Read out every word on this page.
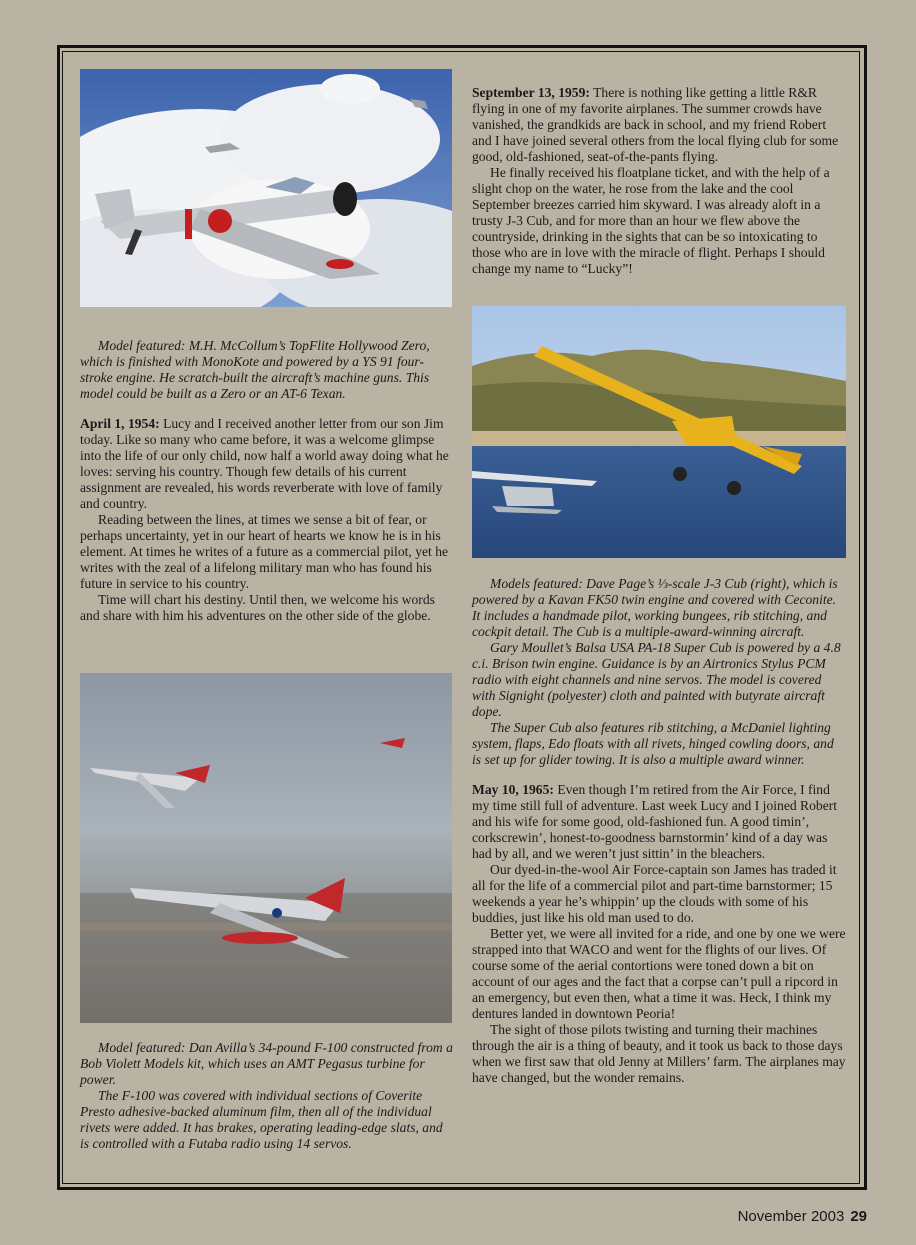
Model featured: M.H. McCollum’s TopFlite Hollywood Zero, which is finished with MonoKote and powered by a YS 91 four-stroke engine. He scratch-built the aircraft’s machine guns. This model could be built as a Zero or an AT-6 Texan.

April 1, 1954: Lucy and I received another letter from our son Jim today. Like so many who came before, it was a welcome glimpse into the life of our only child, now half a world away doing what he loves: serving his country. Though few details of his current assignment are revealed, his words reverberate with love of family and country.

Reading between the lines, at times we sense a bit of fear, or perhaps uncertainty, yet in our heart of hearts we know he is in his element. At times he writes of a future as a commercial pilot, yet he writes with the zeal of a lifelong military man who has found his future in service to his country.

Time will chart his destiny. Until then, we welcome his words and share with him his adventures on the other side of the globe.

Model featured: Dan Avilla’s 34-pound F-100 constructed from a Bob Violett Models kit, which uses an AMT Pegasus turbine for power.

The F-100 was covered with individual sections of Coverite Presto adhesive-backed aluminum film, then all of the individual rivets were added. It has brakes, operating leading-edge slats, and is controlled with a Futaba radio using 14 servos.

September 13, 1959: There is nothing like getting a little R&R flying in one of my favorite airplanes. The summer crowds have vanished, the grandkids are back in school, and my friend Robert and I have joined several others from the local flying club for some good, old-fashioned, seat-of-the-pants flying.

He finally received his floatplane ticket, and with the help of a slight chop on the water, he rose from the lake and the cool September breezes carried him skyward. I was already aloft in a trusty J-3 Cub, and for more than an hour we flew above the countryside, drinking in the sights that can be so intoxicating to those who are in love with the miracle of flight. Perhaps I should change my name to “Lucky”!

Models featured: Dave Page’s ⅓-scale J-3 Cub (right), which is powered by a Kavan FK50 twin engine and covered with Ceconite. It includes a handmade pilot, working bungees, rib stitching, and cockpit detail. The Cub is a multiple-award-winning aircraft.

Gary Moullet’s Balsa USA PA-18 Super Cub is powered by a 4.8 c.i. Brison twin engine. Guidance is by an Airtronics Stylus PCM radio with eight channels and nine servos. The model is covered with Signight (polyester) cloth and painted with butyrate aircraft dope.

The Super Cub also features rib stitching, a McDaniel lighting system, flaps, Edo floats with all rivets, hinged cowling doors, and is set up for glider towing. It is also a multiple award winner.

May 10, 1965: Even though I’m retired from the Air Force, I find my time still full of adventure. Last week Lucy and I joined Robert and his wife for some good, old-fashioned fun. A good timin’, corkscrewin’, honest-to-goodness barnstormin’ kind of a day was had by all, and we weren’t just sittin’ in the bleachers.

Our dyed-in-the-wool Air Force-captain son James has traded it all for the life of a commercial pilot and part-time barnstormer; 15 weekends a year he’s whippin’ up the clouds with some of his buddies, just like his old man used to do.

Better yet, we were all invited for a ride, and one by one we were strapped into that WACO and went for the flights of our lives. Of course some of the aerial contortions were toned down a bit on account of our ages and the fact that a corpse can’t pull a ripcord in an emergency, but even then, what a time it was. Heck, I think my dentures landed in downtown Peoria!

The sight of those pilots twisting and turning their machines through the air is a thing of beauty, and it took us back to those days when we first saw that old Jenny at Millers’ farm. The airplanes may have changed, but the wonder remains.

November 2003 29
